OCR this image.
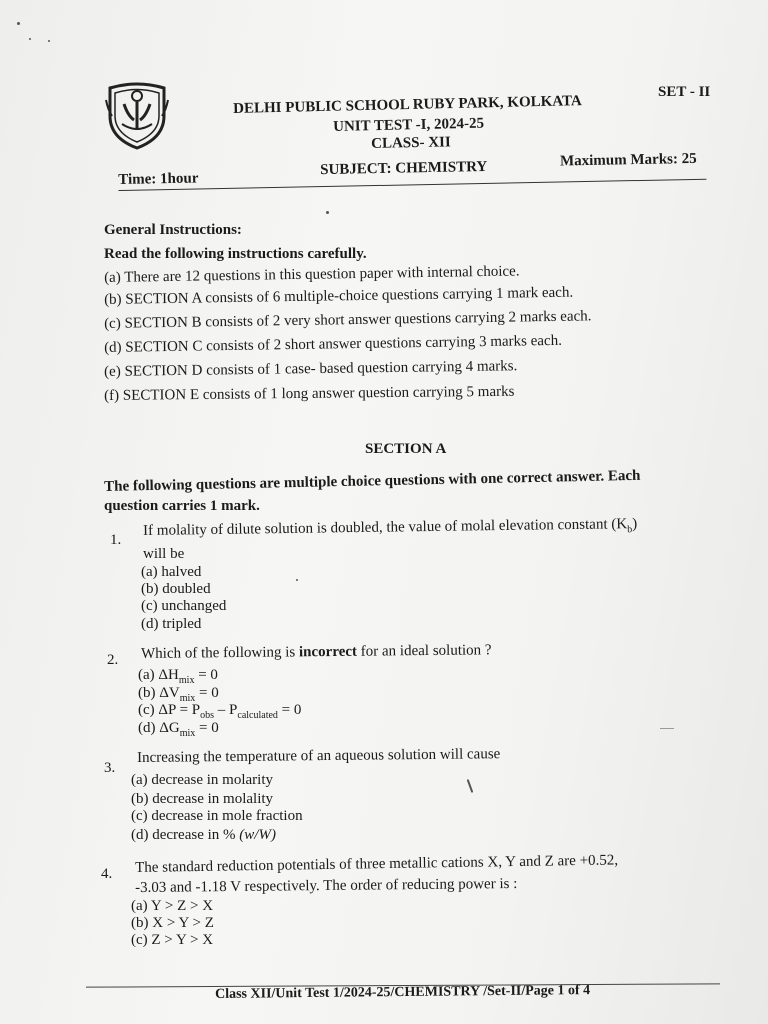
SET - II
DELHI PUBLIC SCHOOL RUBY PARK, KOLKATA
UNIT TEST -I, 2024-25
CLASS- XII
Time: 1hour
SUBJECT: CHEMISTRY	Maximum Marks: 25
General Instructions:
Read the following instructions carefully.
(a) There are 12 questions in this question paper with internal choice.
(b) SECTION A consists of 6 multiple-choice questions carrying 1 mark each.
(c) SECTION B consists of 2 very short answer questions carrying 2 marks each.
(d) SECTION C consists of 2 short answer questions carrying 3 marks each.
(e) SECTION D consists of 1 case- based question carrying 4 marks.
(f) SECTION E consists of 1 long answer question carrying 5 marks
SECTION A
The following questions are multiple choice questions with one correct answer. Each
question carries 1 mark.
1.
If molality of dilute solution is doubled, the value of molal elevation constant $(K_b)$
will be
(a) halved
(b) doubled
(c) unchanged
(d) tripled
2. Which of the following is incorrect for an ideal solution ?
(a) $\Delta H_{mix} = 0$
(b) $\Delta V_{mix} = 0$
(c) $\Delta P = P_{obs} - P_{calculated} = 0$
(d) $\Delta G_{mix} = 0$
3.
Increasing the temperature of an aqueous solution will cause
(a) decrease in molarity
(b) decrease in molality
(c) decrease in mole fraction
(d) decrease in % (w/W)
4. The standard reduction potentials of three metallic cations X, Y and Z are +0.52,
-3.03 and -1.18 V respectively. The order of reducing power is :
(a) Y > Z > X
(b) X > Y > Z
(c) Z > Y > X
Class XII/Unit Test 1/2024-25/CHEMISTRY /Set-II/Page 1 of 4
